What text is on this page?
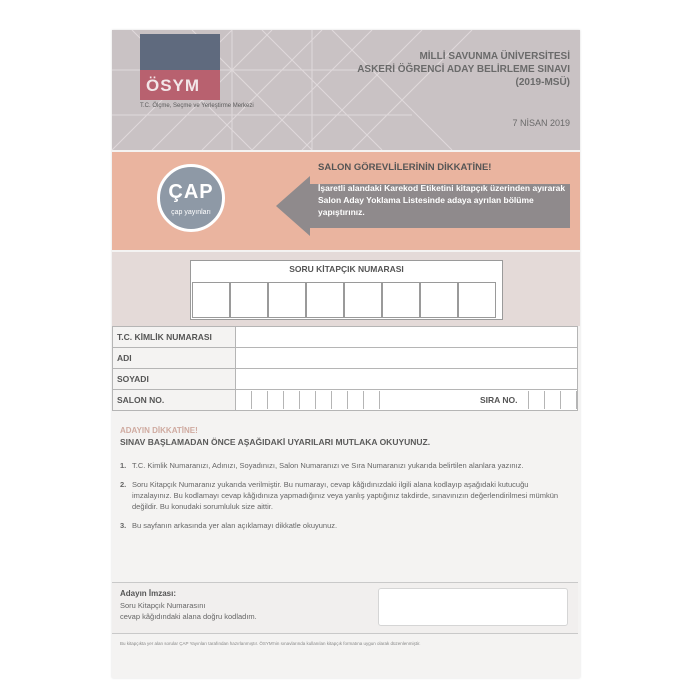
ÖSYM
T.C. Ölçme, Seçme ve Yerleştirme Merkezi
MİLLİ SAVUNMA ÜNİVERSİTESİ
ASKERİ ÖĞRENCİ ADAY BELİRLEME SINAVI
(2019-MSÜ)
7 NİSAN 2019
ÇAP
çap yayınları
SALON GÖREVLİLERİNİN DİKKATİNE!
İşaretli alandaki Karekod Etiketini kitapçık üzerinden ayırarak Salon Aday Yoklama Listesinde adaya ayrılan bölüme yapıştırınız.
SORU KİTAPÇIK NUMARASI
T.C. KİMLİK NUMARASI	
ADI	
SOYADI	
SALON NO.	SIRA NO.
ADAYIN DİKKATİNE!
SINAV BAŞLAMADAN ÖNCE AŞAĞIDAKİ UYARILARI MUTLAKA OKUYUNUZ.
1. T.C. Kimlik Numaranızı, Adınızı, Soyadınızı, Salon Numaranızı ve Sıra Numaranızı yukarıda belirtilen alanlara yazınız.
2. Soru Kitapçık Numaranız yukarıda verilmiştir. Bu numarayı, cevap kâğıdınızdaki ilgili alana kodlayıp aşağıdaki kutucuğu imzalayınız. Bu kodlamayı cevap kâğıdınıza yapmadığınız veya yanlış yaptığınız takdirde, sınavınızın değerlendirilmesi mümkün değildir. Bu konudaki sorumluluk size aittir.
3. Bu sayfanın arkasında yer alan açıklamayı dikkatle okuyunuz.
Adayın İmzası:
Soru Kitapçık Numarasını
cevap kâğıdındaki alana doğru kodladım.
Bu kitapçıkta yer alan sorular ÇAP Yayınları tarafından hazırlanmıştır. ÖSYM'nin sınavlarında kullanılan kitapçık formatına uygun olarak düzenlenmiştir.
